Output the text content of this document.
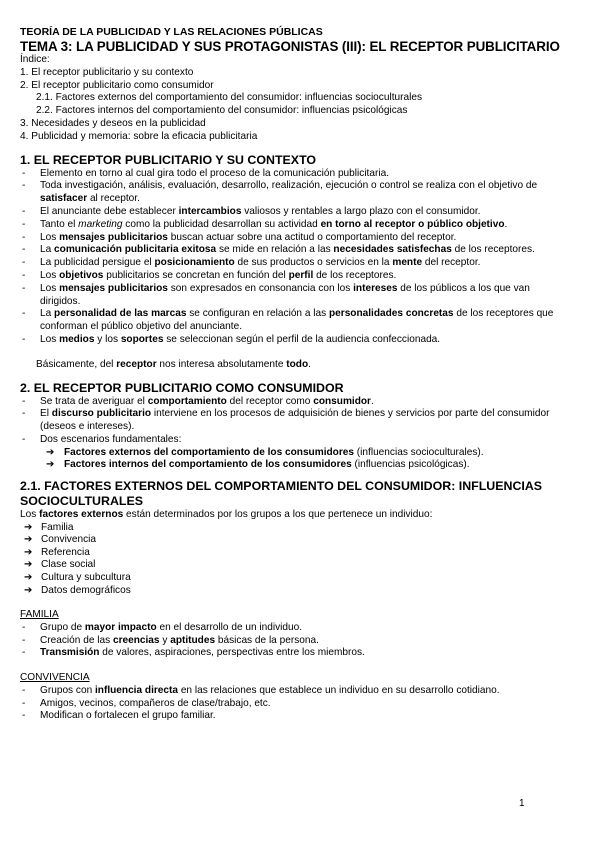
TEORÍA DE LA PUBLICIDAD Y LAS RELACIONES PÚBLICAS
TEMA 3: LA PUBLICIDAD Y SUS PROTAGONISTAS (III): EL RECEPTOR PUBLICITARIO
Índice:
1. El receptor publicitario y su contexto
2. El receptor publicitario como consumidor
2.1. Factores externos del comportamiento del consumidor: influencias socioculturales
2.2. Factores internos del comportamiento del consumidor: influencias psicológicas
3. Necesidades y deseos en la publicidad
4. Publicidad y memoria: sobre la eficacia publicitaria
1. EL RECEPTOR PUBLICITARIO Y SU CONTEXTO
-	Elemento en torno al cual gira todo el proceso de la comunicación publicitaria.
-	Toda investigación, análisis, evaluación, desarrollo, realización, ejecución o control se realiza con el objetivo de satisfacer al receptor.
-	El anunciante debe establecer intercambios valiosos y rentables a largo plazo con el consumidor.
-	Tanto el marketing como la publicidad desarrollan su actividad en torno al receptor o público objetivo.
-	Los mensajes publicitarios buscan actuar sobre una actitud o comportamiento del receptor.
-	La comunicación publicitaria exitosa se mide en relación a las necesidades satisfechas de los receptores.
-	La publicidad persigue el posicionamiento de sus productos o servicios en la mente del receptor.
-	Los objetivos publicitarios se concretan en función del perfil de los receptores.
-	Los mensajes publicitarios son expresados en consonancia con los intereses de los públicos a los que van dirigidos.
-	La personalidad de las marcas se configuran en relación a las personalidades concretas de los receptores que conforman el público objetivo del anunciante.
-	Los medios y los soportes se seleccionan según el perfil de la audiencia confeccionada.
Básicamente, del receptor nos interesa absolutamente todo.
2. EL RECEPTOR PUBLICITARIO COMO CONSUMIDOR
-	Se trata de averiguar el comportamiento del receptor como consumidor.
-	El discurso publicitario interviene en los procesos de adquisición de bienes y servicios por parte del consumidor (deseos e intereses).
-	Dos escenarios fundamentales:
➔ Factores externos del comportamiento de los consumidores (influencias socioculturales).
➔ Factores internos del comportamiento de los consumidores (influencias psicológicas).
2.1. FACTORES EXTERNOS DEL COMPORTAMIENTO DEL CONSUMIDOR: INFLUENCIAS SOCIOCULTURALES
Los factores externos están determinados por los grupos a los que pertenece un individuo:
➔ Familia
➔ Convivencia
➔ Referencia
➔ Clase social
➔ Cultura y subcultura
➔ Datos demográficos
FAMILIA
-	Grupo de mayor impacto en el desarrollo de un individuo.
-	Creación de las creencias y aptitudes básicas de la persona.
-	Transmisión de valores, aspiraciones, perspectivas entre los miembros.
CONVIVENCIA
-	Grupos con influencia directa en las relaciones que establece un individuo en su desarrollo cotidiano.
-	Amigos, vecinos, compañeros de clase/trabajo, etc.
-	Modifican o fortalecen el grupo familiar.
1
